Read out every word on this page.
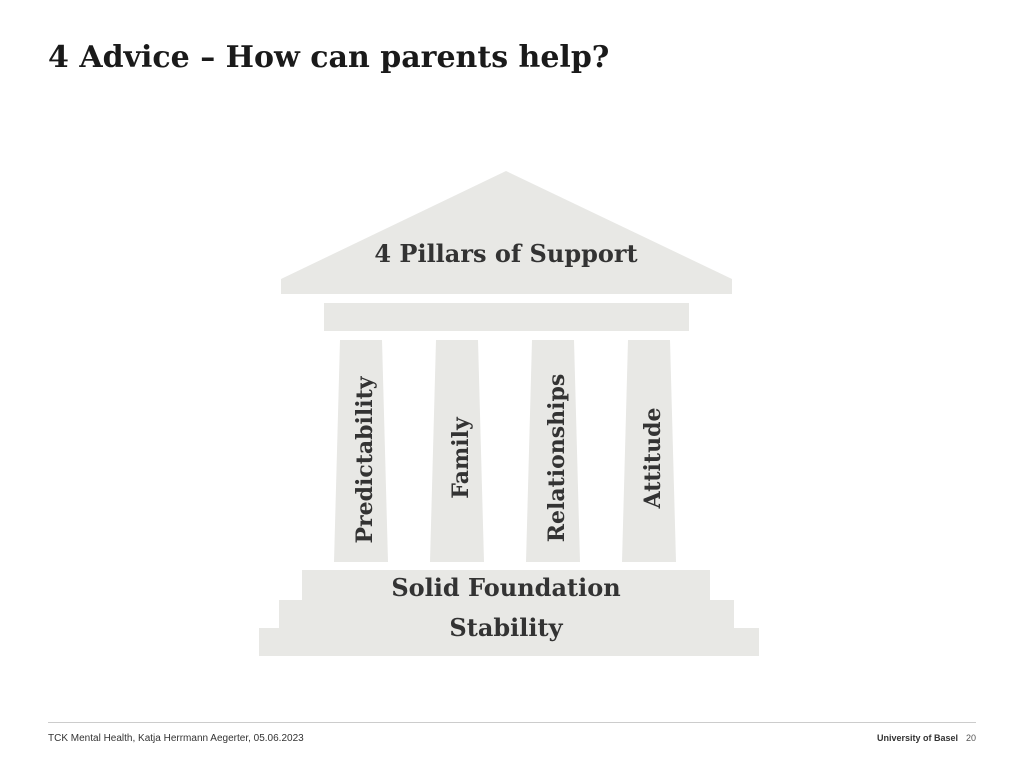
4 Advice – How can parents help?
4 Pillars of Support
Predictability	Family	Relationships	Attitude
Solid Foundation
Stability
TCK Mental Health, Katja Herrmann Aegerter, 05.06.2023	University of Basel 20
